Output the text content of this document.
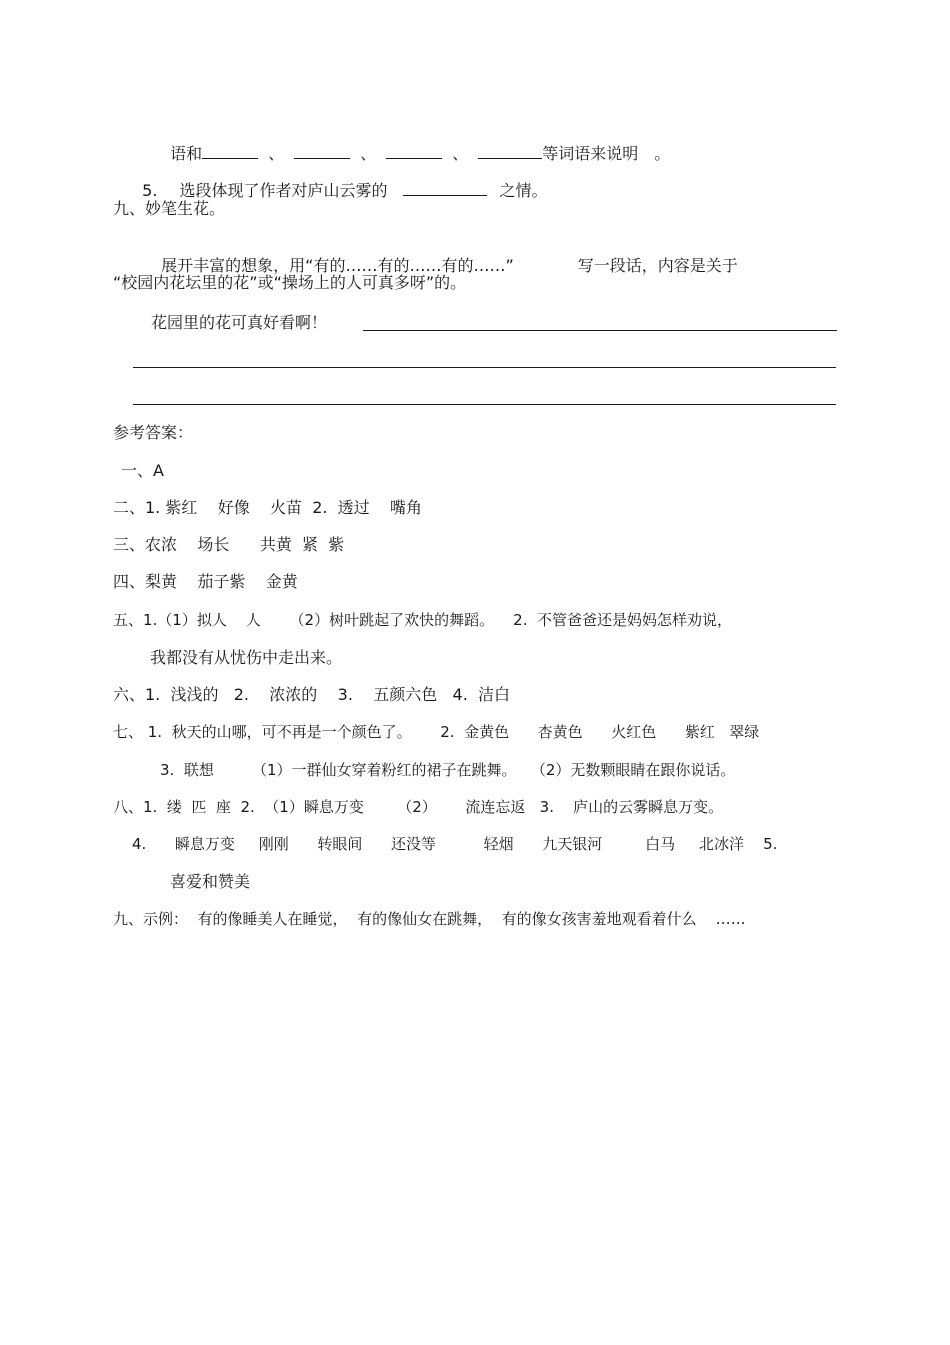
语和	、	、	、	等词语来说明 。

5. 选段体现了作者对庐山云雾的	之情。

九、妙笔生花。

展开丰富的想象，用“有的……有的……有的……”	写一段话，内容是关于

“校园内花坛里的花”或“操场上的人可真多呀”的。
花园里的花可真好看啊！
参考答案：
一、A
二、1. 紫红    好像    火苗  2.  透过    嘴角
三、农浓    场长      共黄  紧  紫
四、梨黄    茄子紫    金黄
五、1.（1）拟人    人      （2）树叶跳起了欢快的舞蹈。    2.  不管爸爸还是妈妈怎样劝说，
我都没有从忧伤中走出来。
六、1.  浅浅的   2.    浓浓的    3.    五颜六色   4.  洁白
七、 1.  秋天的山哪，可不再是一个颜色了。      2.  金黄色      杏黄色      火红色      紫红   翠绿
3.  联想        （1）一群仙女穿着粉红的裙子在跳舞。   （2）无数颗眼睛在跟你说话。
八、1.  缕  匹  座  2.  （1）瞬息万变       （2）      流连忘返   3.    庐山的云雾瞬息万变。
4.      瞬息万变     刚刚      转眼间      还没等          轻烟      九天银河         白马     北冰洋    5.
喜爱和赞美
九、示例：  有的像睡美人在睡觉，  有的像仙女在跳舞，  有的像女孩害羞地观看着什么    ……
